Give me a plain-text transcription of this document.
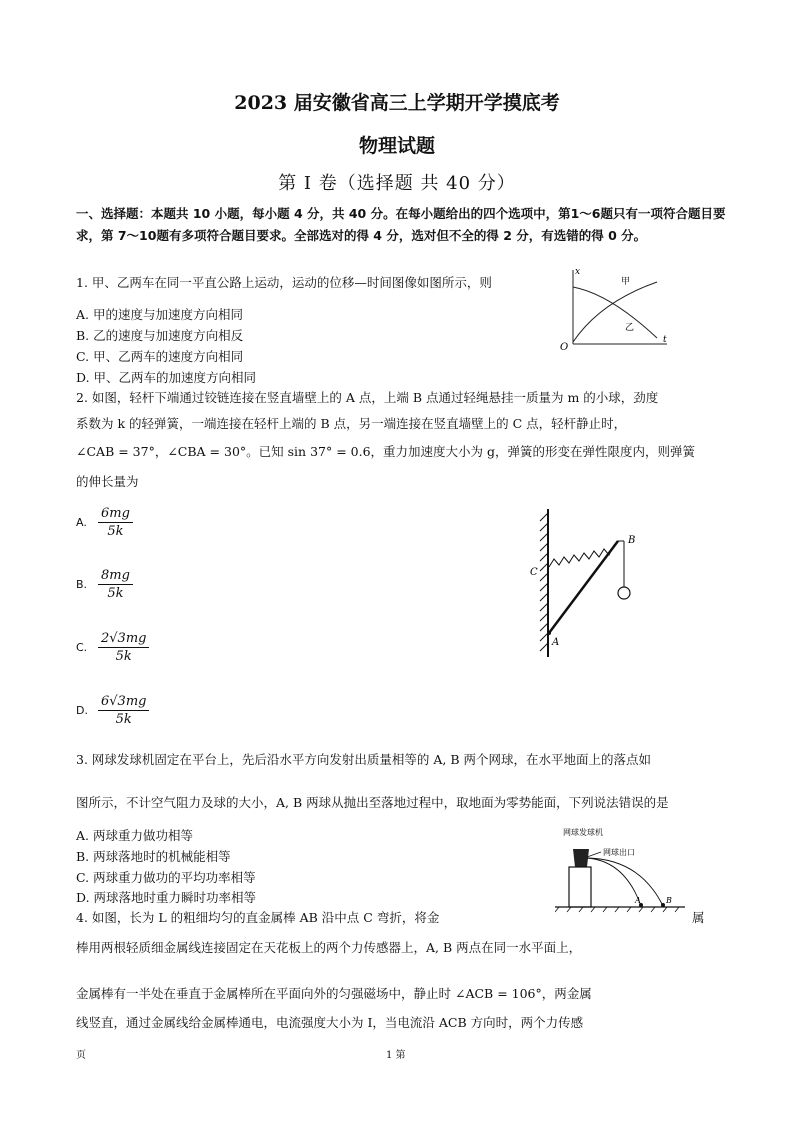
2023 届安徽省高三上学期开学摸底考
物理试题
第 I 卷（选择题 共 40 分）
一、选择题：本题共 10 小题，每小题 4 分，共 40 分。在每小题给出的四个选项中，第1～6题只有一项符合题目要求，第 7～10题有多项符合题目要求。全部选对的得 4 分，选对但不全的得 2 分，有选错的得 0 分。
1. 甲、乙两车在同一平直公路上运动，运动的位移—时间图像如图所示，则
A. 甲的速度与加速度方向相同
B. 乙的速度与加速度方向相反
C. 甲、乙两车的速度方向相同
D. 甲、乙两车的加速度方向相同
x
t
O
甲
乙
2. 如图，轻杆下端通过铰链连接在竖直墙壁上的 A 点，上端 B 点通过轻绳悬挂一质量为 m 的小球，劲度
系数为 k 的轻弹簧，一端连接在轻杆上端的 B 点，另一端连接在竖直墙壁上的 C 点，轻杆静止时，
∠CAB = 37°，∠CBA = 30°。已知 sin 37° = 0.6，重力加速度大小为 g，弹簧的形变在弹性限度内，则弹簧
的伸长量为
A. $\frac{6mg}{5k}$
B. $\frac{8mg}{5k}$
C. $\frac{2√3mg}{5k}$
D. $\frac{6√3mg}{5k}$
A
B
C
3. 网球发球机固定在平台上，先后沿水平方向发射出质量相等的 A, B 两个网球，在水平地面上的落点如
图所示，不计空气阻力及球的大小，A, B 两球从抛出至落地过程中，取地面为零势能面，下列说法错误的是
A. 两球重力做功相等
B. 两球落地时的机械能相等
C. 两球重力做功的平均功率相等
D. 两球落地时重力瞬时功率相等
网球发球机
网球出口
A	B
4. 如图，长为 L 的粗细均匀的直金属棒 AB 沿中点 C 弯折，将金	属
棒用两根轻质细金属线连接固定在天花板上的两个力传感器上，A, B 两点在同一水平面上，
金属棒有一半处在垂直于金属棒所在平面向外的匀强磁场中，静止时 ∠ACB = 106°，两金属
线竖直，通过金属线给金属棒通电，电流强度大小为 I，当电流沿 ACB 方向时，两个力传感
页	1 第
